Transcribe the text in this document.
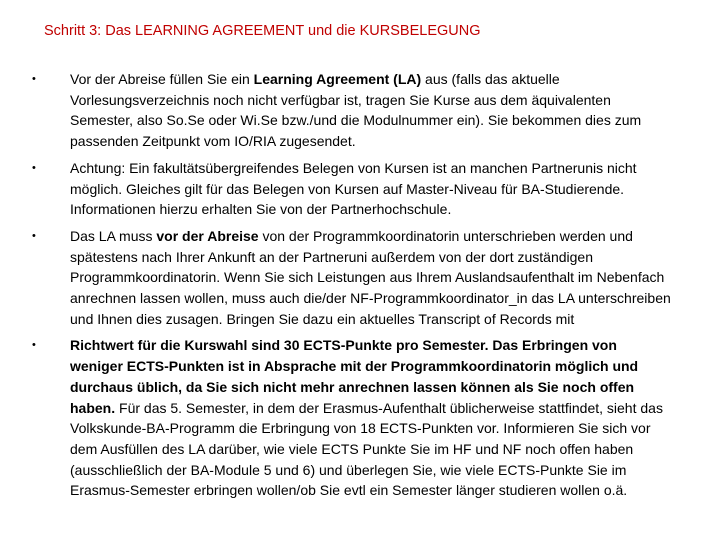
Schritt 3: Das LEARNING AGREEMENT und die KURSBELEGUNG
• Vor der Abreise füllen Sie ein Learning Agreement (LA) aus (falls das aktuelle Vorlesungsverzeichnis noch nicht verfügbar ist, tragen Sie Kurse aus dem äquivalenten Semester, also So.Se oder Wi.Se bzw./und die Modulnummer ein). Sie bekommen dies zum passenden Zeitpunkt vom IO/RIA zugesendet.
• Achtung: Ein fakultätsübergreifendes Belegen von Kursen ist an manchen Partnerunis nicht möglich. Gleiches gilt für das Belegen von Kursen auf Master-Niveau für BA-Studierende. Informationen hierzu erhalten Sie von der Partnerhochschule.
• Das LA muss vor der Abreise von der Programmkoordinatorin unterschrieben werden und spätestens nach Ihrer Ankunft an der Partneruni außerdem von der dort zuständigen Programmkoordinatorin. Wenn Sie sich Leistungen aus Ihrem Auslandsaufenthalt im Nebenfach anrechnen lassen wollen, muss auch die/der NF-Programmkoordinator_in das LA unterschreiben und Ihnen dies zusagen. Bringen Sie dazu ein aktuelles Transcript of Records mit
• Richtwert für die Kurswahl sind 30 ECTS-Punkte pro Semester. Das Erbringen von weniger ECTS-Punkten ist in Absprache mit der Programmkoordinatorin möglich und durchaus üblich, da Sie sich nicht mehr anrechnen lassen können als Sie noch offen haben. Für das 5. Semester, in dem der Erasmus-Aufenthalt üblicherweise stattfindet, sieht das Volkskunde-BA-Programm die Erbringung von 18 ECTS-Punkten vor. Informieren Sie sich vor dem Ausfüllen des LA darüber, wie viele ECTS Punkte Sie im HF und NF noch offen haben (ausschließlich der BA-Module 5 und 6) und überlegen Sie, wie viele ECTS-Punkte Sie im Erasmus-Semester erbringen wollen/ob Sie evtl ein Semester länger studieren wollen o.ä.
